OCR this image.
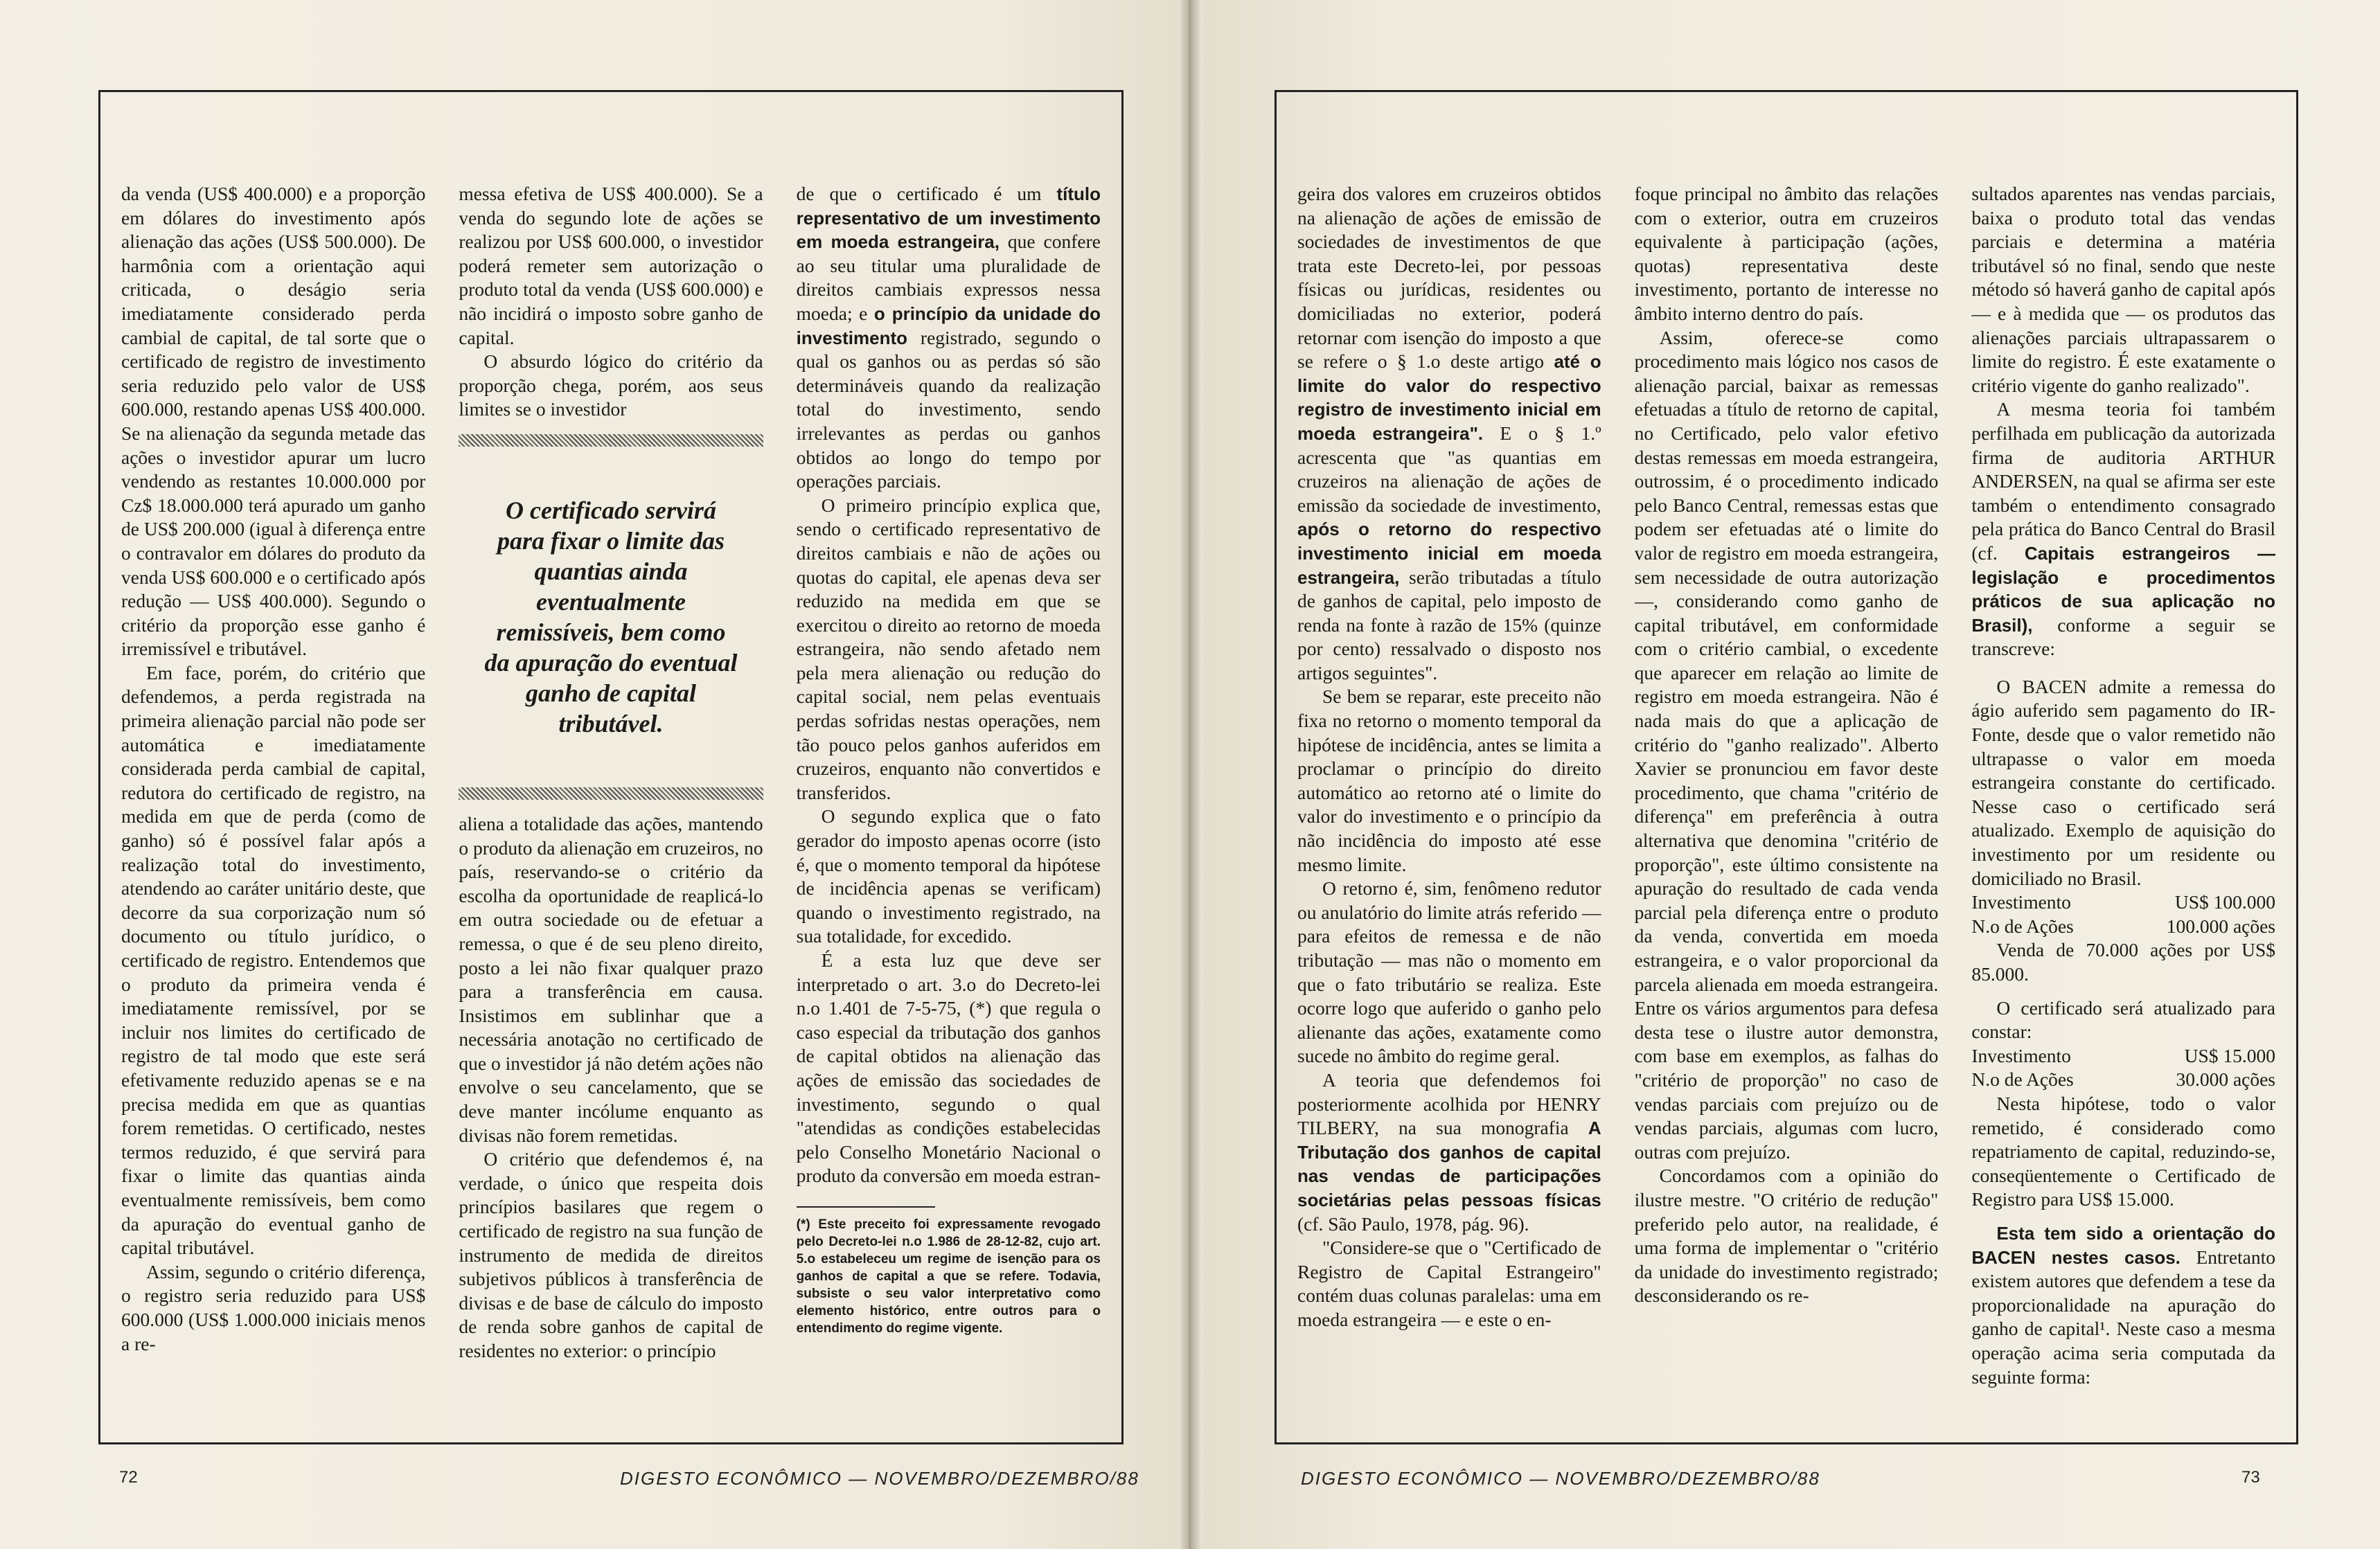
da venda (US$ 400.000) e a proporção em dólares do investimento após alienação das ações (US$ 500.000). De harmônia com a orientação aqui criticada, o deságio seria imediatamente considerado perda cambial de capital, de tal sorte que o certificado de registro de investimento seria reduzido pelo valor de US$ 600.000, restando apenas US$ 400.000. Se na alienação da segunda metade das ações o investidor apurar um lucro vendendo as restantes 10.000.000 por Cz$ 18.000.000 terá apurado um ganho de US$ 200.000 (igual à diferença entre o contravalor em dólares do produto da venda US$ 600.000 e o certificado após redução — US$ 400.000). Segundo o critério da proporção esse ganho é irremissível e tributável.

Em face, porém, do critério que defendemos, a perda registrada na primeira alienação parcial não pode ser automática e imediatamente considerada perda cambial de capital, redutora do certificado de registro, na medida em que de perda (como de ganho) só é possível falar após a realização total do investimento, atendendo ao caráter unitário deste, que decorre da sua corporização num só documento ou título jurídico, o certificado de registro. Entendemos que o produto da primeira venda é imediatamente remissível, por se incluir nos limites do certificado de registro de tal modo que este será efetivamente reduzido apenas se e na precisa medida em que as quantias forem remetidas. O certificado, nestes termos reduzido, é que servirá para fixar o limite das quantias ainda eventualmente remissíveis, bem como da apuração do eventual ganho de capital tributável.

Assim, segundo o critério diferença, o registro seria reduzido para US$ 600.000 (US$ 1.000.000 iniciais menos a re-

messa efetiva de US$ 400.000). Se a venda do segundo lote de ações se realizou por US$ 600.000, o investidor poderá remeter sem autorização o produto total da venda (US$ 600.000) e não incidirá o imposto sobre ganho de capital.

O absurdo lógico do critério da proporção chega, porém, aos seus limites se o investidor

O certificado servirá para fixar o limite das quantias ainda eventualmente remissíveis, bem como da apuração do eventual ganho de capital tributável.

aliena a totalidade das ações, mantendo o produto da alienação em cruzeiros, no país, reservando-se o critério da escolha da oportunidade de reaplicá-lo em outra sociedade ou de efetuar a remessa, o que é de seu pleno direito, posto a lei não fixar qualquer prazo para a transferência em causa. Insistimos em sublinhar que a necessária anotação no certificado de que o investidor já não detém ações não envolve o seu cancelamento, que se deve manter incólume enquanto as divisas não forem remetidas.

O critério que defendemos é, na verdade, o único que respeita dois princípios basilares que regem o certificado de registro na sua função de instrumento de medida de direitos subjetivos públicos à transferência de divisas e de base de cálculo do imposto de renda sobre ganhos de capital de residentes no exterior: o princípio

de que o certificado é um título representativo de um investimento em moeda estrangeira, que confere ao seu titular uma pluralidade de direitos cambiais expressos nessa moeda; e o princípio da unidade do investimento registrado, segundo o qual os ganhos ou as perdas só são determináveis quando da realização total do investimento, sendo irrelevantes as perdas ou ganhos obtidos ao longo do tempo por operações parciais.

O primeiro princípio explica que, sendo o certificado representativo de direitos cambiais e não de ações ou quotas do capital, ele apenas deva ser reduzido na medida em que se exercitou o direito ao retorno de moeda estrangeira, não sendo afetado nem pela mera alienação ou redução do capital social, nem pelas eventuais perdas sofridas nestas operações, nem tão pouco pelos ganhos auferidos em cruzeiros, enquanto não convertidos e transferidos.

O segundo explica que o fato gerador do imposto apenas ocorre (isto é, que o momento temporal da hipótese de incidência apenas se verificam) quando o investimento registrado, na sua totalidade, for excedido.

É a esta luz que deve ser interpretado o art. 3.o do Decreto-lei n.o 1.401 de 7-5-75, (*) que regula o caso especial da tributação dos ganhos de capital obtidos na alienação das ações de emissão das sociedades de investimento, segundo o qual "atendidas as condições estabelecidas pelo Conselho Monetário Nacional o produto da conversão em moeda estran-

(*) Este preceito foi expressamente revogado pelo Decreto-lei n.o 1.986 de 28-12-82, cujo art. 5.o estabeleceu um regime de isenção para os ganhos de capital a que se refere. Todavia, subsiste o seu valor interpretativo como elemento histórico, entre outros para o entendimento do regime vigente.

72	DIGESTO ECONÔMICO — NOVEMBRO/DEZEMBRO/88

geira dos valores em cruzeiros obtidos na alienação de ações de emissão de sociedades de investimentos de que trata este Decreto-lei, por pessoas físicas ou jurídicas, residentes ou domiciliadas no exterior, poderá retornar com isenção do imposto a que se refere o § 1.o deste artigo até o limite do valor do respectivo registro de investimento inicial em moeda estrangeira". E o § 1.º acrescenta que "as quantias em cruzeiros na alienação de ações de emissão da sociedade de investimento, após o retorno do respectivo investimento inicial em moeda estrangeira, serão tributadas a título de ganhos de capital, pelo imposto de renda na fonte à razão de 15% (quinze por cento) ressalvado o disposto nos artigos seguintes".

Se bem se reparar, este preceito não fixa no retorno o momento temporal da hipótese de incidência, antes se limita a proclamar o princípio do direito automático ao retorno até o limite do valor do investimento e o princípio da não incidência do imposto até esse mesmo limite.

O retorno é, sim, fenômeno redutor ou anulatório do limite atrás referido — para efeitos de remessa e de não tributação — mas não o momento em que o fato tributário se realiza. Este ocorre logo que auferido o ganho pelo alienante das ações, exatamente como sucede no âmbito do regime geral.

A teoria que defendemos foi posteriormente acolhida por HENRY TILBERY, na sua monografia A Tributação dos ganhos de capital nas vendas de participações societárias pelas pessoas físicas (cf. São Paulo, 1978, pág. 96).

"Considere-se que o "Certificado de Registro de Capital Estrangeiro" contém duas colunas paralelas: uma em moeda estrangeira — e este o en-

foque principal no âmbito das relações com o exterior, outra em cruzeiros equivalente à participação (ações, quotas) representativa deste investimento, portanto de interesse no âmbito interno dentro do país.

Assim, oferece-se como procedimento mais lógico nos casos de alienação parcial, baixar as remessas efetuadas a título de retorno de capital, no Certificado, pelo valor efetivo destas remessas em moeda estrangeira, outrossim, é o procedimento indicado pelo Banco Central, remessas estas que podem ser efetuadas até o limite do valor de registro em moeda estrangeira, sem necessidade de outra autorização —, considerando como ganho de capital tributável, em conformidade com o critério cambial, o excedente que aparecer em relação ao limite de registro em moeda estrangeira. Não é nada mais do que a aplicação de critério do "ganho realizado". Alberto Xavier se pronunciou em favor deste procedimento, que chama "critério de diferença" em preferência à outra alternativa que denomina "critério de proporção", este último consistente na apuração do resultado de cada venda parcial pela diferença entre o produto da venda, convertida em moeda estrangeira, e o valor proporcional da parcela alienada em moeda estrangeira. Entre os vários argumentos para defesa desta tese o ilustre autor demonstra, com base em exemplos, as falhas do "critério de proporção" no caso de vendas parciais com prejuízo ou de vendas parciais, algumas com lucro, outras com prejuízo.

Concordamos com a opinião do ilustre mestre. "O critério de redução" preferido pelo autor, na realidade, é uma forma de implementar o "critério da unidade do investimento registrado; desconsiderando os re-

sultados aparentes nas vendas parciais, baixa o produto total das vendas parciais e determina a matéria tributável só no final, sendo que neste método só haverá ganho de capital após — e à medida que — os produtos das alienações parciais ultrapassarem o limite do registro. É este exatamente o critério vigente do ganho realizado".

A mesma teoria foi também perfilhada em publicação da autorizada firma de auditoria ARTHUR ANDERSEN, na qual se afirma ser este também o entendimento consagrado pela prática do Banco Central do Brasil (cf. Capitais estrangeiros — legislação e procedimentos práticos de sua aplicação no Brasil), conforme a seguir se transcreve:

O BACEN admite a remessa do ágio auferido sem pagamento do IR-Fonte, desde que o valor remetido não ultrapasse o valor em moeda estrangeira constante do certificado. Nesse caso o certificado será atualizado. Exemplo de aquisição do investimento por um residente ou domiciliado no Brasil.

Investimento	US$ 100.000
N.o de Ações	100.000 ações

Venda de 70.000 ações por US$ 85.000.

O certificado será atualizado para constar:

Investimento	US$ 15.000
N.o de Ações	30.000 ações

Nesta hipótese, todo o valor remetido, é considerado como repatriamento de capital, reduzindo-se, conseqüentemente o Certificado de Registro para US$ 15.000.

Esta tem sido a orientação do BACEN nestes casos. Entretanto existem autores que defendem a tese da proporcionalidade na apuração do ganho de capital¹. Neste caso a mesma operação acima seria computada da seguinte forma:

DIGESTO ECONÔMICO — NOVEMBRO/DEZEMBRO/88	73
